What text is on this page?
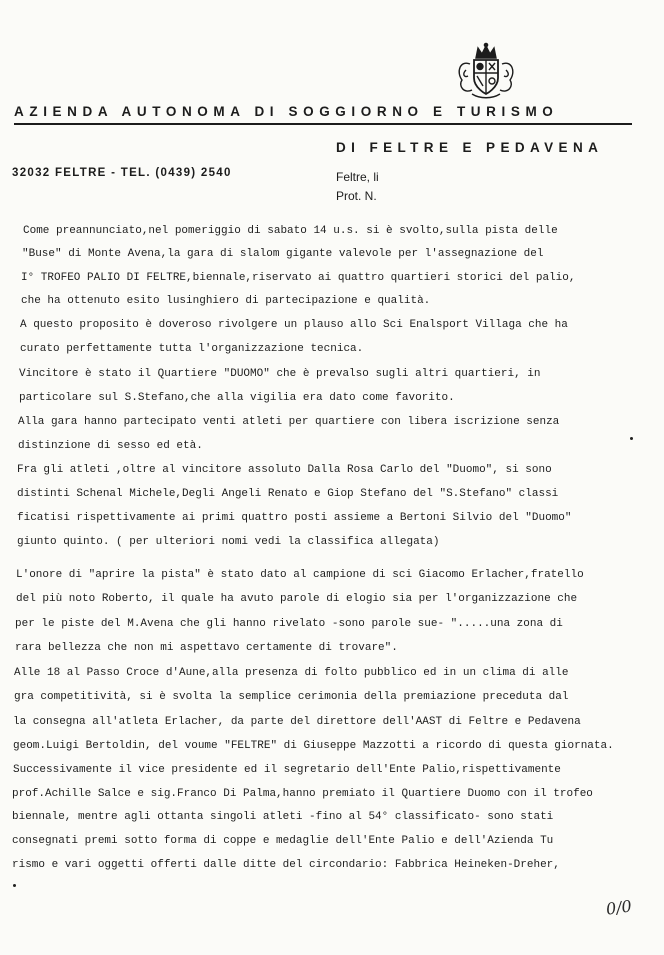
AZIENDA AUTONOMA DI SOGGIORNO E TURISMO
DI FELTRE E PEDAVENA
32032 FELTRE - TEL. (0439) 2540	Feltre, li
Prot. N.
Come preannunciato,nel pomeriggio di sabato 14 u.s. si è svolto,sulla pista delle
"Buse" di Monte Avena,la gara di slalom gigante valevole per l'assegnazione del
I° TROFEO PALIO DI FELTRE,biennale,riservato ai quattro quartieri storici del palio,
che ha ottenuto esito lusinghiero di partecipazione e qualità.
A questo proposito è doveroso rivolgere un plauso allo Sci Enalsport Villaga che ha
curato perfettamente tutta l'organizzazione tecnica.
Vincitore è stato il Quartiere "DUOMO" che è prevalso sugli altri quartieri, in
particolare sul S.Stefano,che alla vigilia era dato come favorito.
Alla gara hanno partecipato venti atleti per quartiere con libera iscrizione senza
distinzione di sesso ed età.
Fra gli atleti ,oltre al vincitore assoluto Dalla Rosa Carlo del "Duomo", si sono
distinti Schenal Michele,Degli Angeli Renato e Giop Stefano del "S.Stefano" classi
ficatisi rispettivamente ai primi quattro posti assieme a Bertoni Silvio del "Duomo"
giunto quinto. ( per ulteriori nomi vedi la classifica allegata)
L'onore di "aprire la pista" è stato dato al campione di sci Giacomo Erlacher,fratello
del più noto Roberto, il quale ha avuto parole di elogio sia per l'organizzazione che
per le piste del M.Avena che gli hanno rivelato -sono parole sue- ".....una zona di
rara bellezza che non mi aspettavo certamente di trovare".
Alle 18 al Passo Croce d'Aune,alla presenza di folto pubblico ed in un clima di alle
gra competitività, si è svolta la semplice cerimonia della premiazione preceduta dal
la consegna all'atleta Erlacher, da parte del direttore dell'AAST di Feltre e Pedavena
geom.Luigi Bertoldin, del voume "FELTRE" di Giuseppe Mazzotti a ricordo di questa giornata.
Successivamente il vice presidente ed il segretario dell'Ente Palio,rispettivamente
prof.Achille Salce e sig.Franco Di Palma,hanno premiato il Quartiere Duomo con il trofeo
biennale, mentre agli ottanta singoli atleti -fino al 54° classificato- sono stati
consegnati premi sotto forma di coppe e medaglie dell'Ente Palio e dell'Azienda Tu
rismo e vari oggetti offerti dalle ditte del circondario: Fabbrica Heineken-Dreher,
0/0
